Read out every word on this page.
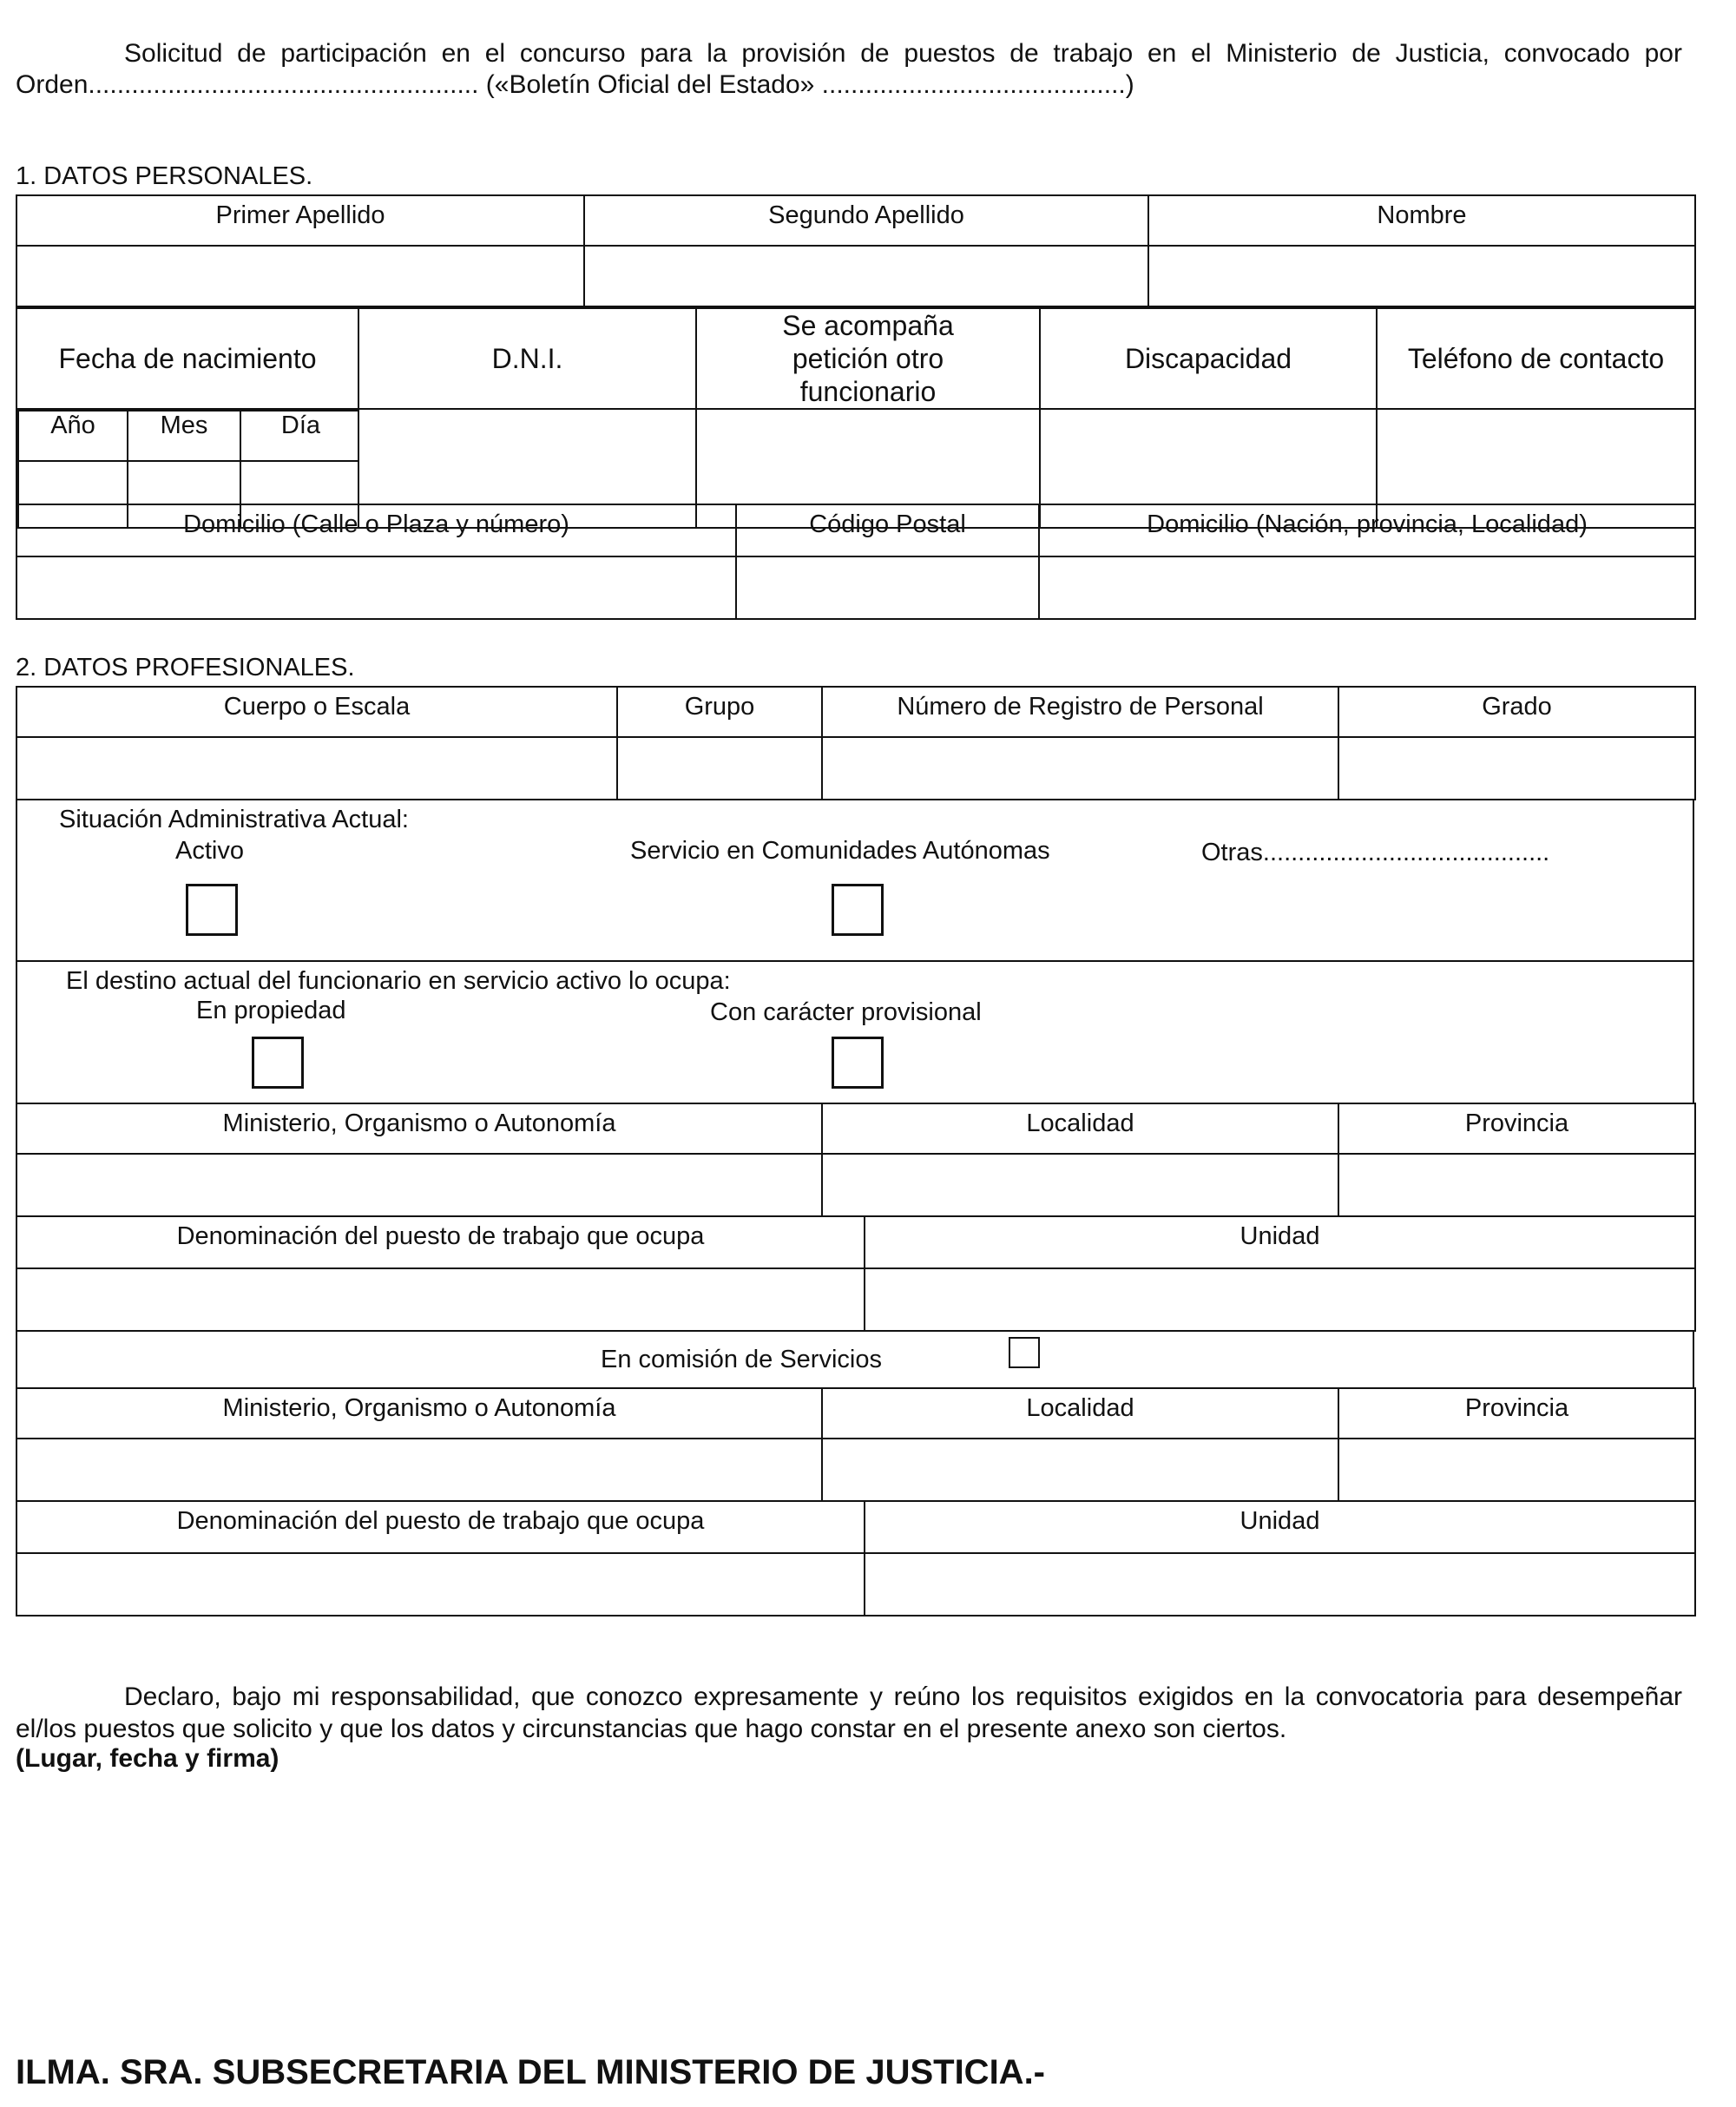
Solicitud de participación en el concurso para la provisión de puestos de trabajo en el Ministerio de Justicia, convocado por
Orden...................................................... («Boletín Oficial del Estado» ..........................................)
1. DATOS PERSONALES.
Primer Apellido	Segundo Apellido	Nombre

Fecha de nacimiento	D.N.I.	Se acompaña petición otro funcionario	Discapacidad	Teléfono de contacto

Año	Mes	Día

Domicilio (Calle o Plaza y número)	Código Postal	Domicilio (Nación, provincia, Localidad)

2. DATOS PROFESIONALES.
Cuerpo o Escala	Grupo	Número de Registro de Personal	Grado

Situación Administrativa Actual:
Activo	Servicio en Comunidades Autónomas	Otras.........................................
El destino actual del funcionario en servicio activo lo ocupa:
En propiedad	Con carácter provisional
Ministerio, Organismo o Autonomía	Localidad	Provincia

Denominación del puesto de trabajo que ocupa	Unidad

En comisión de Servicios
Ministerio, Organismo o Autonomía	Localidad	Provincia

Denominación del puesto de trabajo que ocupa	Unidad

Declaro, bajo mi responsabilidad, que conozco expresamente y reúno los requisitos exigidos en la convocatoria para desempeñar el/los puestos que solicito y que los datos y circunstancias que hago constar en el presente anexo son ciertos.
(Lugar, fecha y firma)
ILMA. SRA. SUBSECRETARIA DEL MINISTERIO DE JUSTICIA.-
